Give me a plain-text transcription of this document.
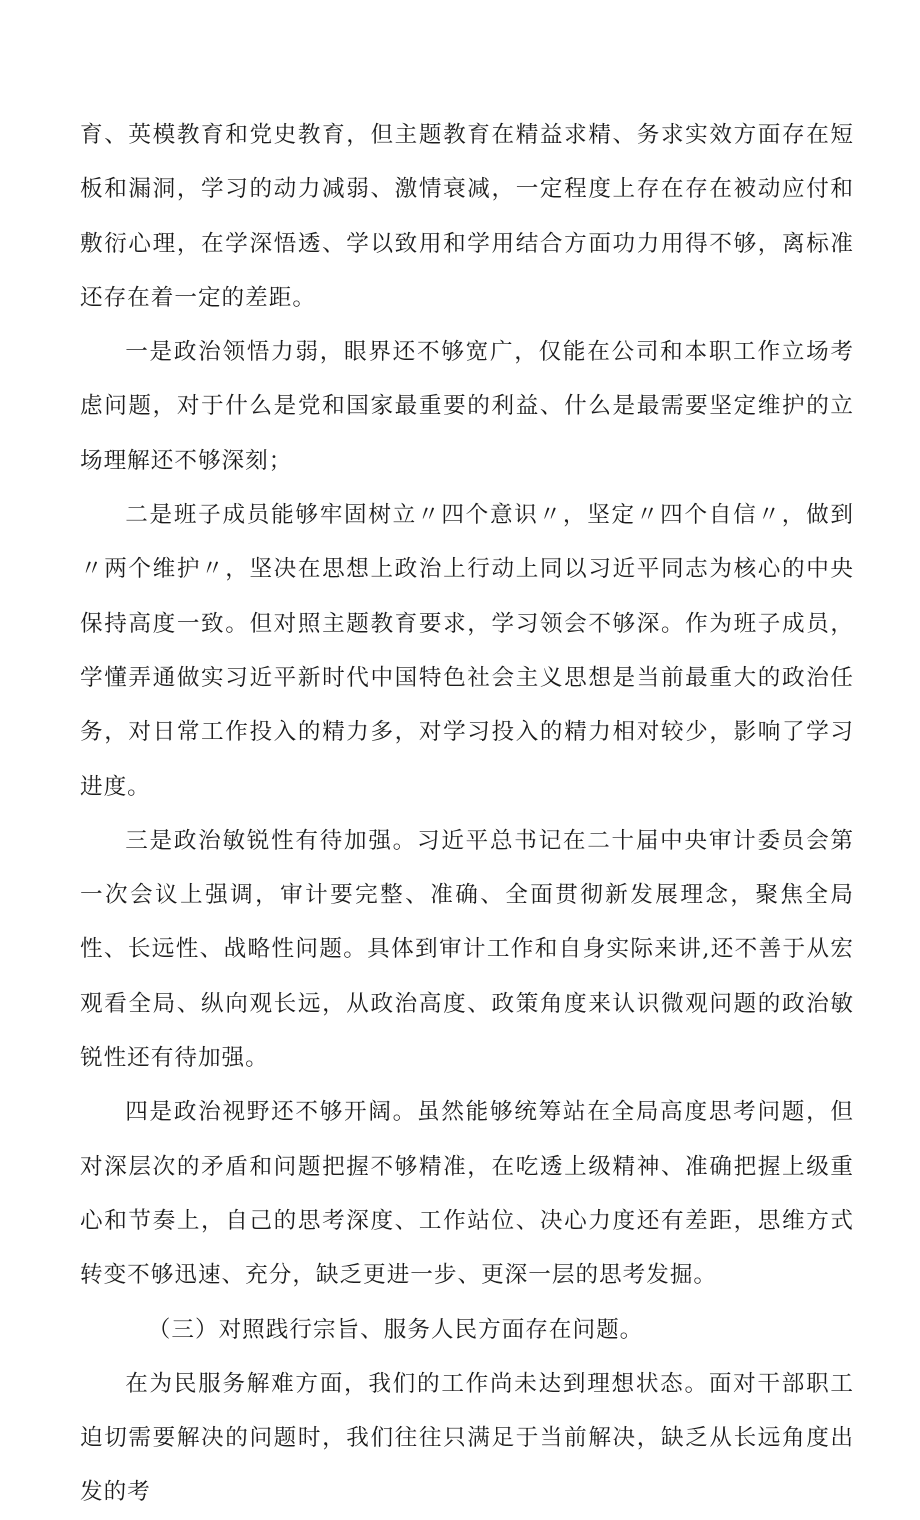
育、英模教育和党史教育，但主题教育在精益求精、务求实效方面存在短板和漏洞，学习的动力减弱、激情衰减，一定程度上存在存在被动应付和敷衍心理，在学深悟透、学以致用和学用结合方面功力用得不够，离标准还存在着一定的差距。

一是政治领悟力弱，眼界还不够宽广，仅能在公司和本职工作立场考虑问题，对于什么是党和国家最重要的利益、什么是最需要坚定维护的立场理解还不够深刻；

二是班子成员能够牢固树立〃四个意识〃，坚定〃四个自信〃，做到〃两个维护〃，坚决在思想上政治上行动上同以习近平同志为核心的中央保持高度一致。但对照主题教育要求，学习领会不够深。作为班子成员，学懂弄通做实习近平新时代中国特色社会主义思想是当前最重大的政治任务，对日常工作投入的精力多，对学习投入的精力相对较少，影响了学习进度。

三是政治敏锐性有待加强。习近平总书记在二十届中央审计委员会第一次会议上强调，审计要完整、准确、全面贯彻新发展理念，聚焦全局性、长远性、战略性问题。具体到审计工作和自身实际来讲,还不善于从宏观看全局、纵向观长远，从政治高度、政策角度来认识微观问题的政治敏锐性还有待加强。

四是政治视野还不够开阔。虽然能够统筹站在全局高度思考问题，但对深层次的矛盾和问题把握不够精准，在吃透上级精神、准确把握上级重心和节奏上，自己的思考深度、工作站位、决心力度还有差距，思维方式转变不够迅速、充分，缺乏更进一步、更深一层的思考发掘。

（三）对照践行宗旨、服务人民方面存在问题。

在为民服务解难方面，我们的工作尚未达到理想状态。面对干部职工迫切需要解决的问题时，我们往往只满足于当前解决，缺乏从长远角度出发的考
